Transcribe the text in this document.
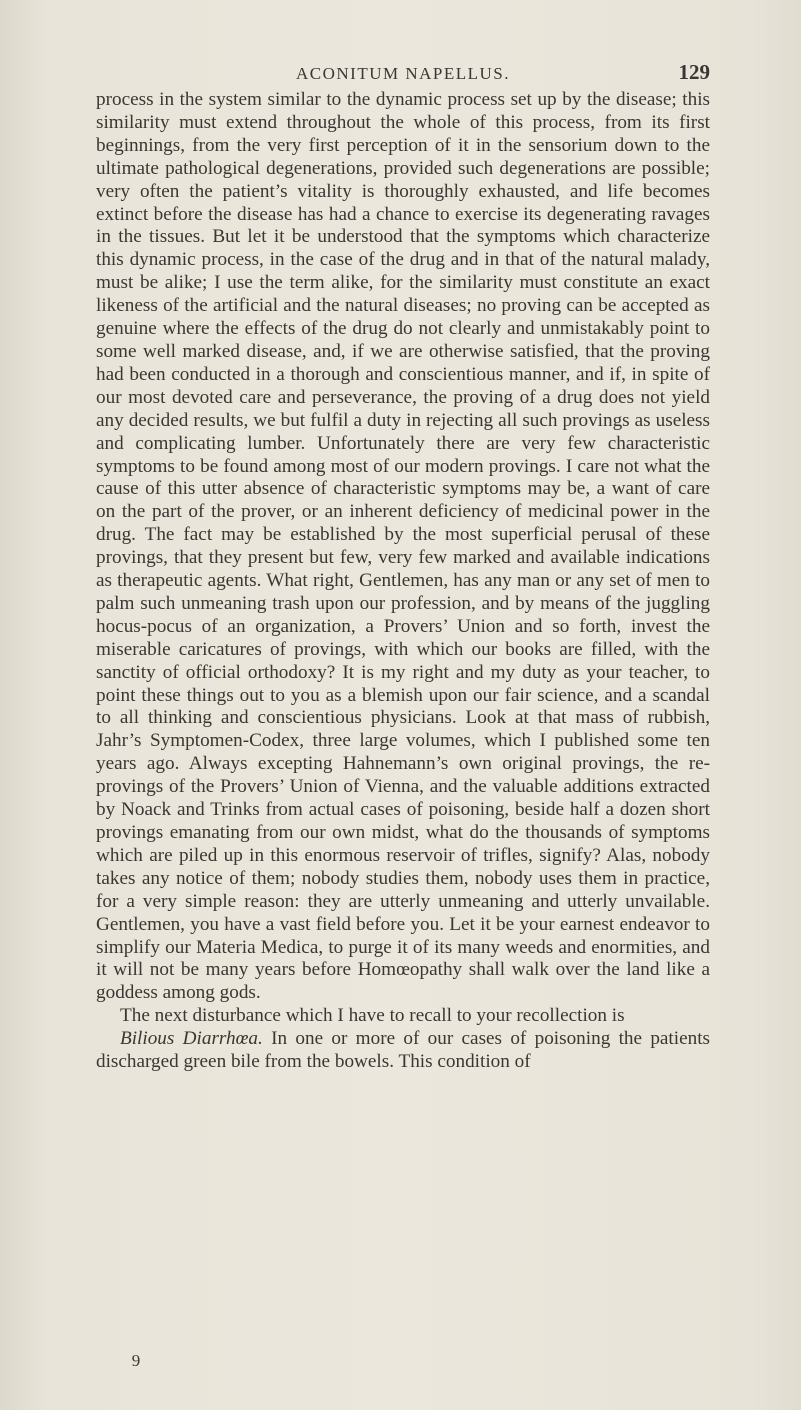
ACONITUM NAPELLUS.	129

process in the system similar to the dynamic process set up by the disease; this similarity must extend throughout the whole of this process, from its first beginnings, from the very first perception of it in the sensorium down to the ultimate pathological degenerations, provided such degenerations are possible; very often the patient’s vitality is thoroughly exhausted, and life becomes extinct before the disease has had a chance to exercise its degenerating ravages in the tissues. But let it be understood that the symptoms which characterize this dynamic process, in the case of the drug and in that of the natural malady, must be alike; I use the term alike, for the similarity must constitute an exact likeness of the artificial and the natural diseases; no proving can be accepted as genuine where the effects of the drug do not clearly and unmistakably point to some well marked disease, and, if we are otherwise satisfied, that the proving had been conducted in a thorough and conscientious manner, and if, in spite of our most devoted care and perseverance, the proving of a drug does not yield any decided results, we but fulfil a duty in rejecting all such provings as useless and complicating lumber. Unfortunately there are very few characteristic symptoms to be found among most of our modern provings. I care not what the cause of this utter absence of characteristic symptoms may be, a want of care on the part of the prover, or an inherent deficiency of medicinal power in the drug. The fact may be established by the most superficial perusal of these provings, that they present but few, very few marked and available indications as therapeutic agents. What right, Gentlemen, has any man or any set of men to palm such unmeaning trash upon our profession, and by means of the juggling hocus-pocus of an organization, a Provers’ Union and so forth, invest the miserable caricatures of provings, with which our books are filled, with the sanctity of official orthodoxy? It is my right and my duty as your teacher, to point these things out to you as a blemish upon our fair science, and a scandal to all thinking and conscientious physicians. Look at that mass of rubbish, Jahr’s Symptomen-Codex, three large volumes, which I published some ten years ago. Always excepting Hahnemann’s own original provings, the re-provings of the Provers’ Union of Vienna, and the valuable additions extracted by Noack and Trinks from actual cases of poisoning, beside half a dozen short provings emanating from our own midst, what do the thousands of symptoms which are piled up in this enormous reservoir of trifles, signify? Alas, nobody takes any notice of them; nobody studies them, nobody uses them in practice, for a very simple reason: they are utterly unmeaning and utterly unvailable. Gentlemen, you have a vast field before you. Let it be your earnest endeavor to simplify our Materia Medica, to purge it of its many weeds and enormities, and it will not be many years before Homœopathy shall walk over the land like a goddess among gods.

The next disturbance which I have to recall to your recollection is

Bilious Diarrhœa. In one or more of our cases of poisoning the patients discharged green bile from the bowels. This condition of

9
